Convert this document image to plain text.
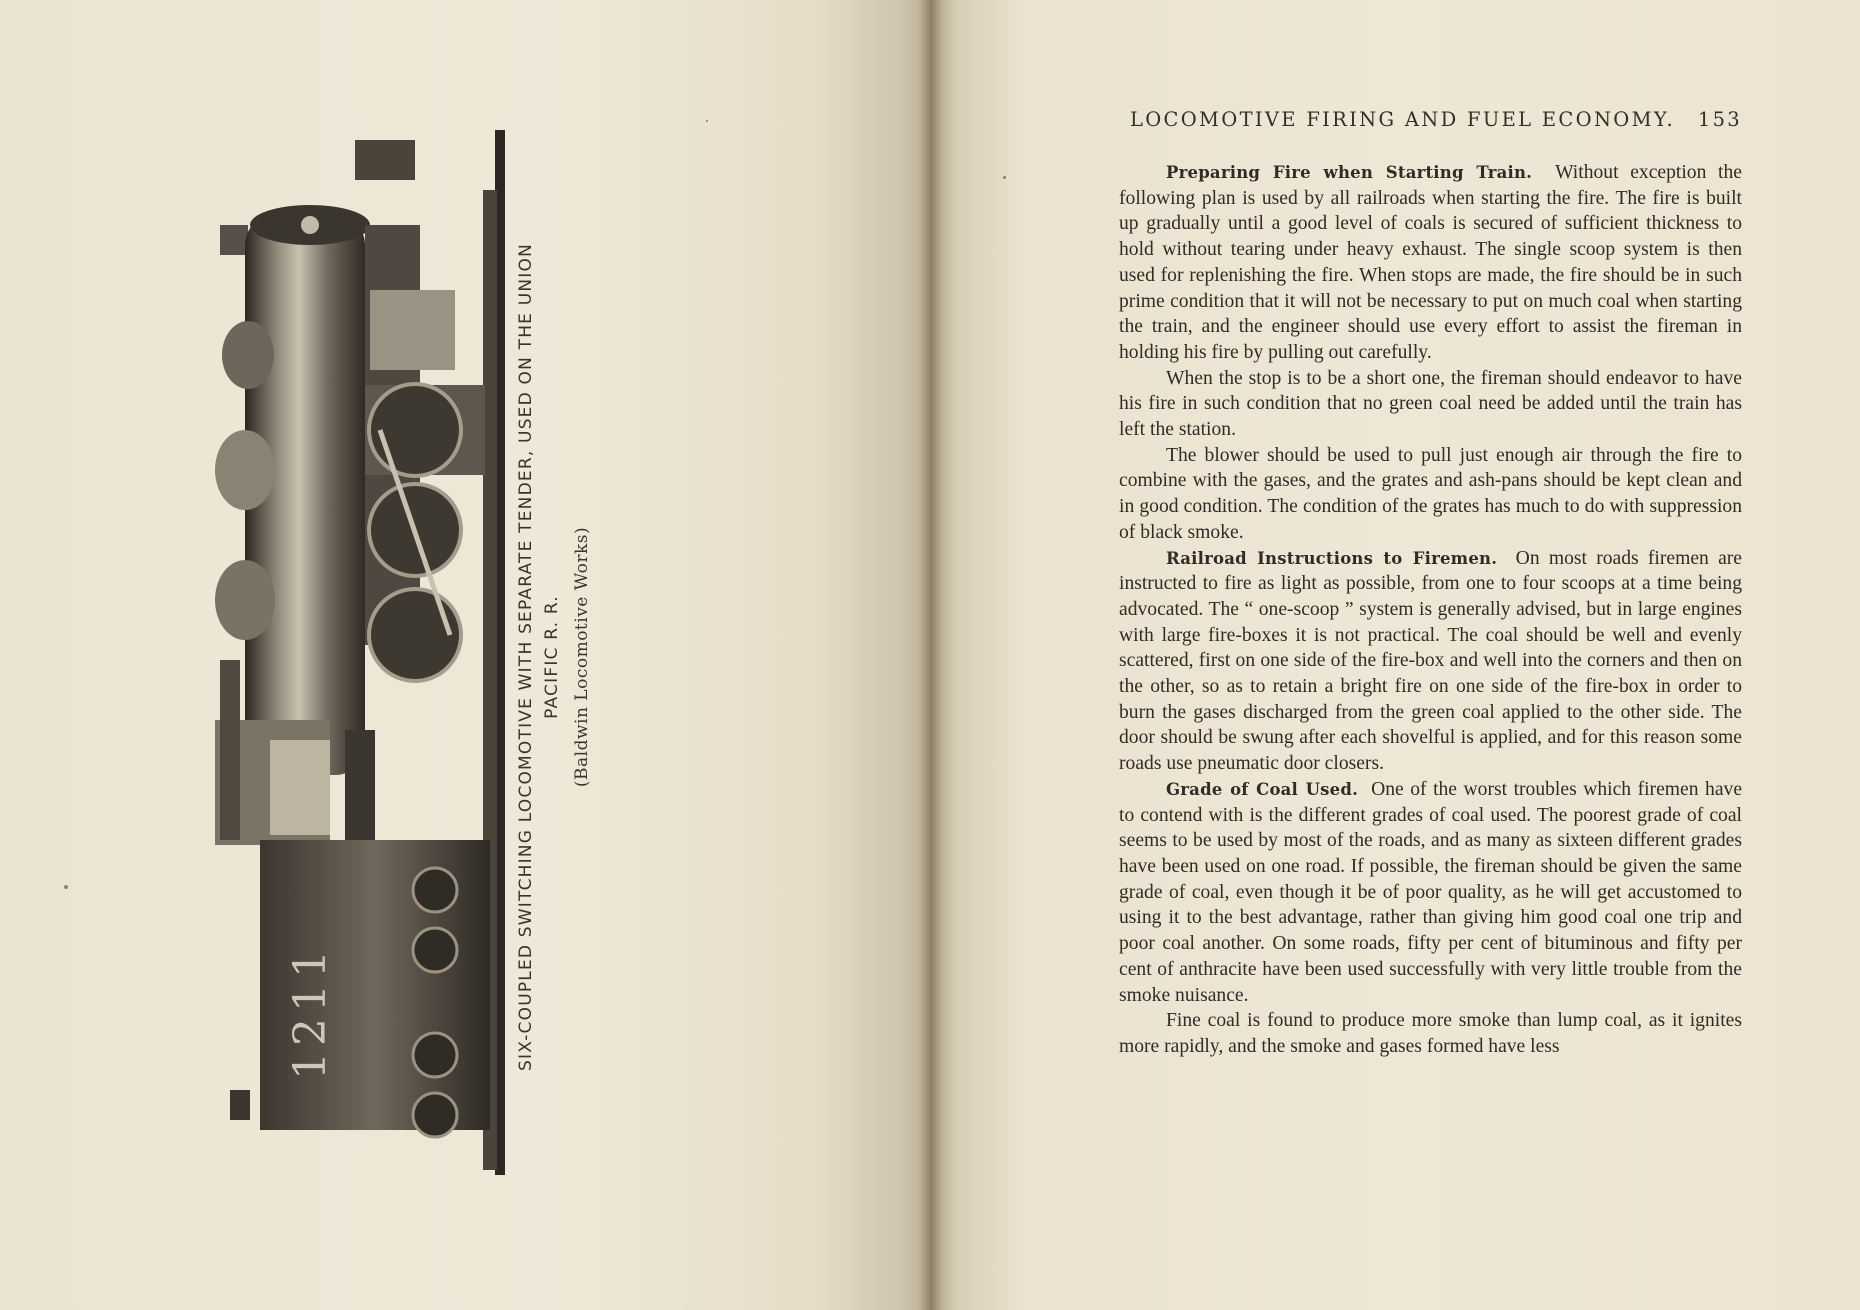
1211	SIX-COUPLED SWITCHING LOCOMOTIVE WITH SEPARATE TENDER, USED ON THE UNION PACIFIC R. R. (Baldwin Locomotive Works)
LOCOMOTIVE FIRING AND FUEL ECONOMY. 153

Preparing Fire when Starting Train. Without exception the following plan is used by all railroads when starting the fire. The fire is built up gradually until a good level of coals is secured of sufficient thickness to hold without tearing under heavy exhaust. The single scoop system is then used for replenishing the fire. When stops are made, the fire should be in such prime condition that it will not be necessary to put on much coal when starting the train, and the engineer should use every effort to assist the fireman in holding his fire by pulling out carefully.

When the stop is to be a short one, the fireman should endeavor to have his fire in such condition that no green coal need be added until the train has left the station.

The blower should be used to pull just enough air through the fire to combine with the gases, and the grates and ash-pans should be kept clean and in good condition. The condition of the grates has much to do with suppression of black smoke.

Railroad Instructions to Firemen. On most roads firemen are instructed to fire as light as possible, from one to four scoops at a time being advocated. The “ one-scoop ” system is generally advised, but in large engines with large fire-boxes it is not practical. The coal should be well and evenly scattered, first on one side of the fire-box and well into the corners and then on the other, so as to retain a bright fire on one side of the fire-box in order to burn the gases discharged from the green coal applied to the other side. The door should be swung after each shovelful is applied, and for this reason some roads use pneumatic door closers.

Grade of Coal Used. One of the worst troubles which firemen have to contend with is the different grades of coal used. The poorest grade of coal seems to be used by most of the roads, and as many as sixteen different grades have been used on one road. If possible, the fireman should be given the same grade of coal, even though it be of poor quality, as he will get accustomed to using it to the best advantage, rather than giving him good coal one trip and poor coal another. On some roads, fifty per cent of bituminous and fifty per cent of anthracite have been used successfully with very little trouble from the smoke nuisance.

Fine coal is found to produce more smoke than lump coal, as it ignites more rapidly, and the smoke and gases formed have less
